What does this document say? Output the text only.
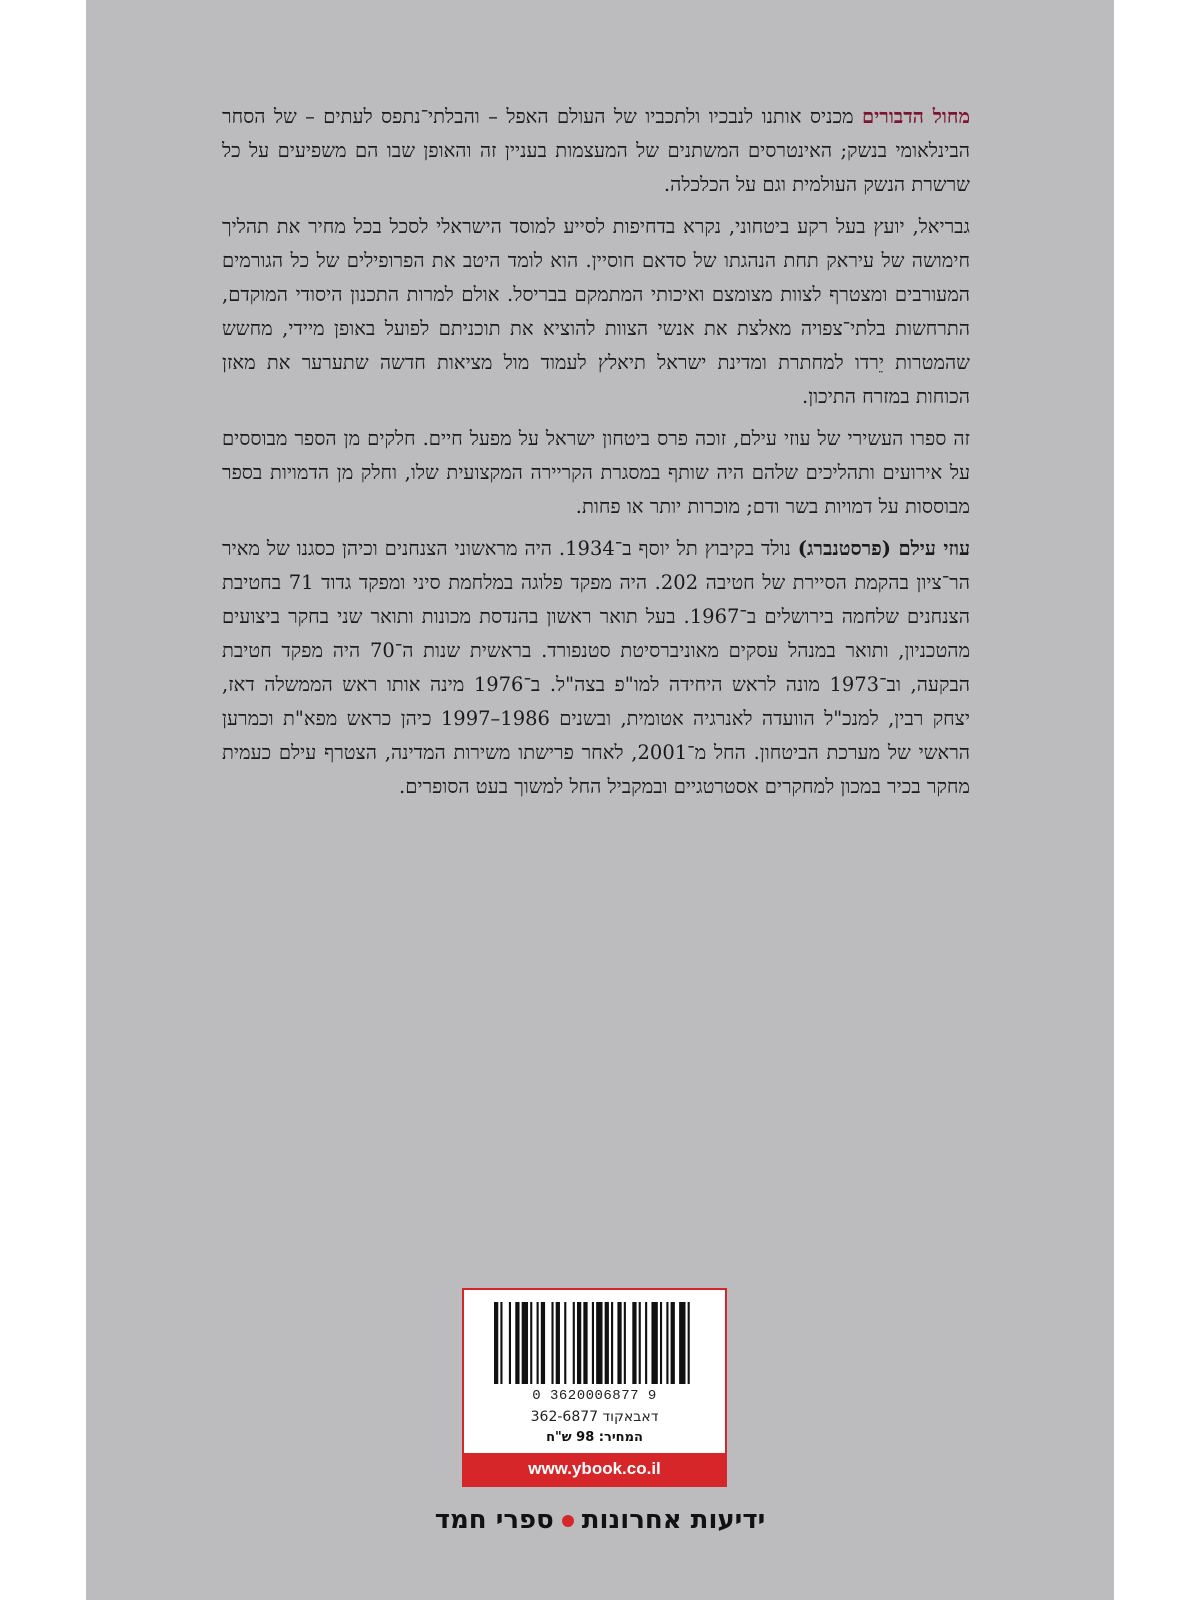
מחול הדבורים מכניס אותנו לנבכיו ולתכביו של העולם האפל – והבלתי־נתפס לעתים – של הסחר הבינלאומי בנשק; האינטרסים המשתנים של המעצמות בעניין זה והאופן שבו הם משפיעים על כל שרשרת הנשק העולמית וגם על הכלכלה.

גבריאל, יועץ בעל רקע ביטחוני, נקרא בדחיפות לסייע למוסד הישראלי לסכל בכל מחיר את תהליך חימושה של עיראק תחת הנהגתו של סדאם חוסיין. הוא לומד היטב את הפרופילים של כל הגורמים המעורבים ומצטרף לצוות מצומצם ואיכותי המתמקם בבריסל. אולם למרות התכנון היסודי המוקדם, התרחשות בלתי־צפויה מאלצת את אנשי הצוות להוציא את תוכניתם לפועל באופן מיידי, מחשש שהמטרות יֵרדו למחתרת ומדינת ישראל תיאלץ לעמוד מול מציאות חדשה שתערער את מאזן הכוחות במזרח התיכון.

זה ספרו העשירי של עוזי עילם, זוכה פרס ביטחון ישראל על מפעל חיים. חלקים מן הספר מבוססים על אירועים ותהליכים שלהם היה שותף במסגרת הקריירה המקצועית שלו, וחלק מן הדמויות בספר מבוססות על דמויות בשר ודם; מוכרות יותר או פחות.

עוזי עילם (פרסטנברג) נולד בקיבוץ תל יוסף ב־1934. היה מראשוני הצנחנים וכיהן כסגנו של מאיר הר־ציון בהקמת הסיירת של חטיבה 202. היה מפקד פלוגה במלחמת סיני ומפקד גדוד 71 בחטיבת הצנחנים שלחמה בירושלים ב־1967. בעל תואר ראשון בהנדסת מכונות ותואר שני בחקר ביצועים מהטכניון, ותואר במנהל עסקים מאוניברסיטת סטנפורד. בראשית שנות ה־70 היה מפקד חטיבת הבקעה, וב־1973 מונה לראש היחידה למו"פ בצה"ל. ב־1976 מינה אותו ראש הממשלה דאז, יצחק רבין, למנכ"ל הוועדה לאנרגיה אטומית, ובשנים 1986–1997 כיהן כראש מפא"ת וכמרען הראשי של מערכת הביטחון. החל מ־2001, לאחר פרישתו משירות המדינה, הצטרף עילם כעמית מחקר בכיר במכון למחקרים אסטרטגיים ובמקביל החל למשוך בעט הסופרים.

0 3620006877 9
דאבאקוד 362-6877
המחיר: 98 ש"ח
www.ybook.co.il
ידיעות אחרונותספרי חמד
